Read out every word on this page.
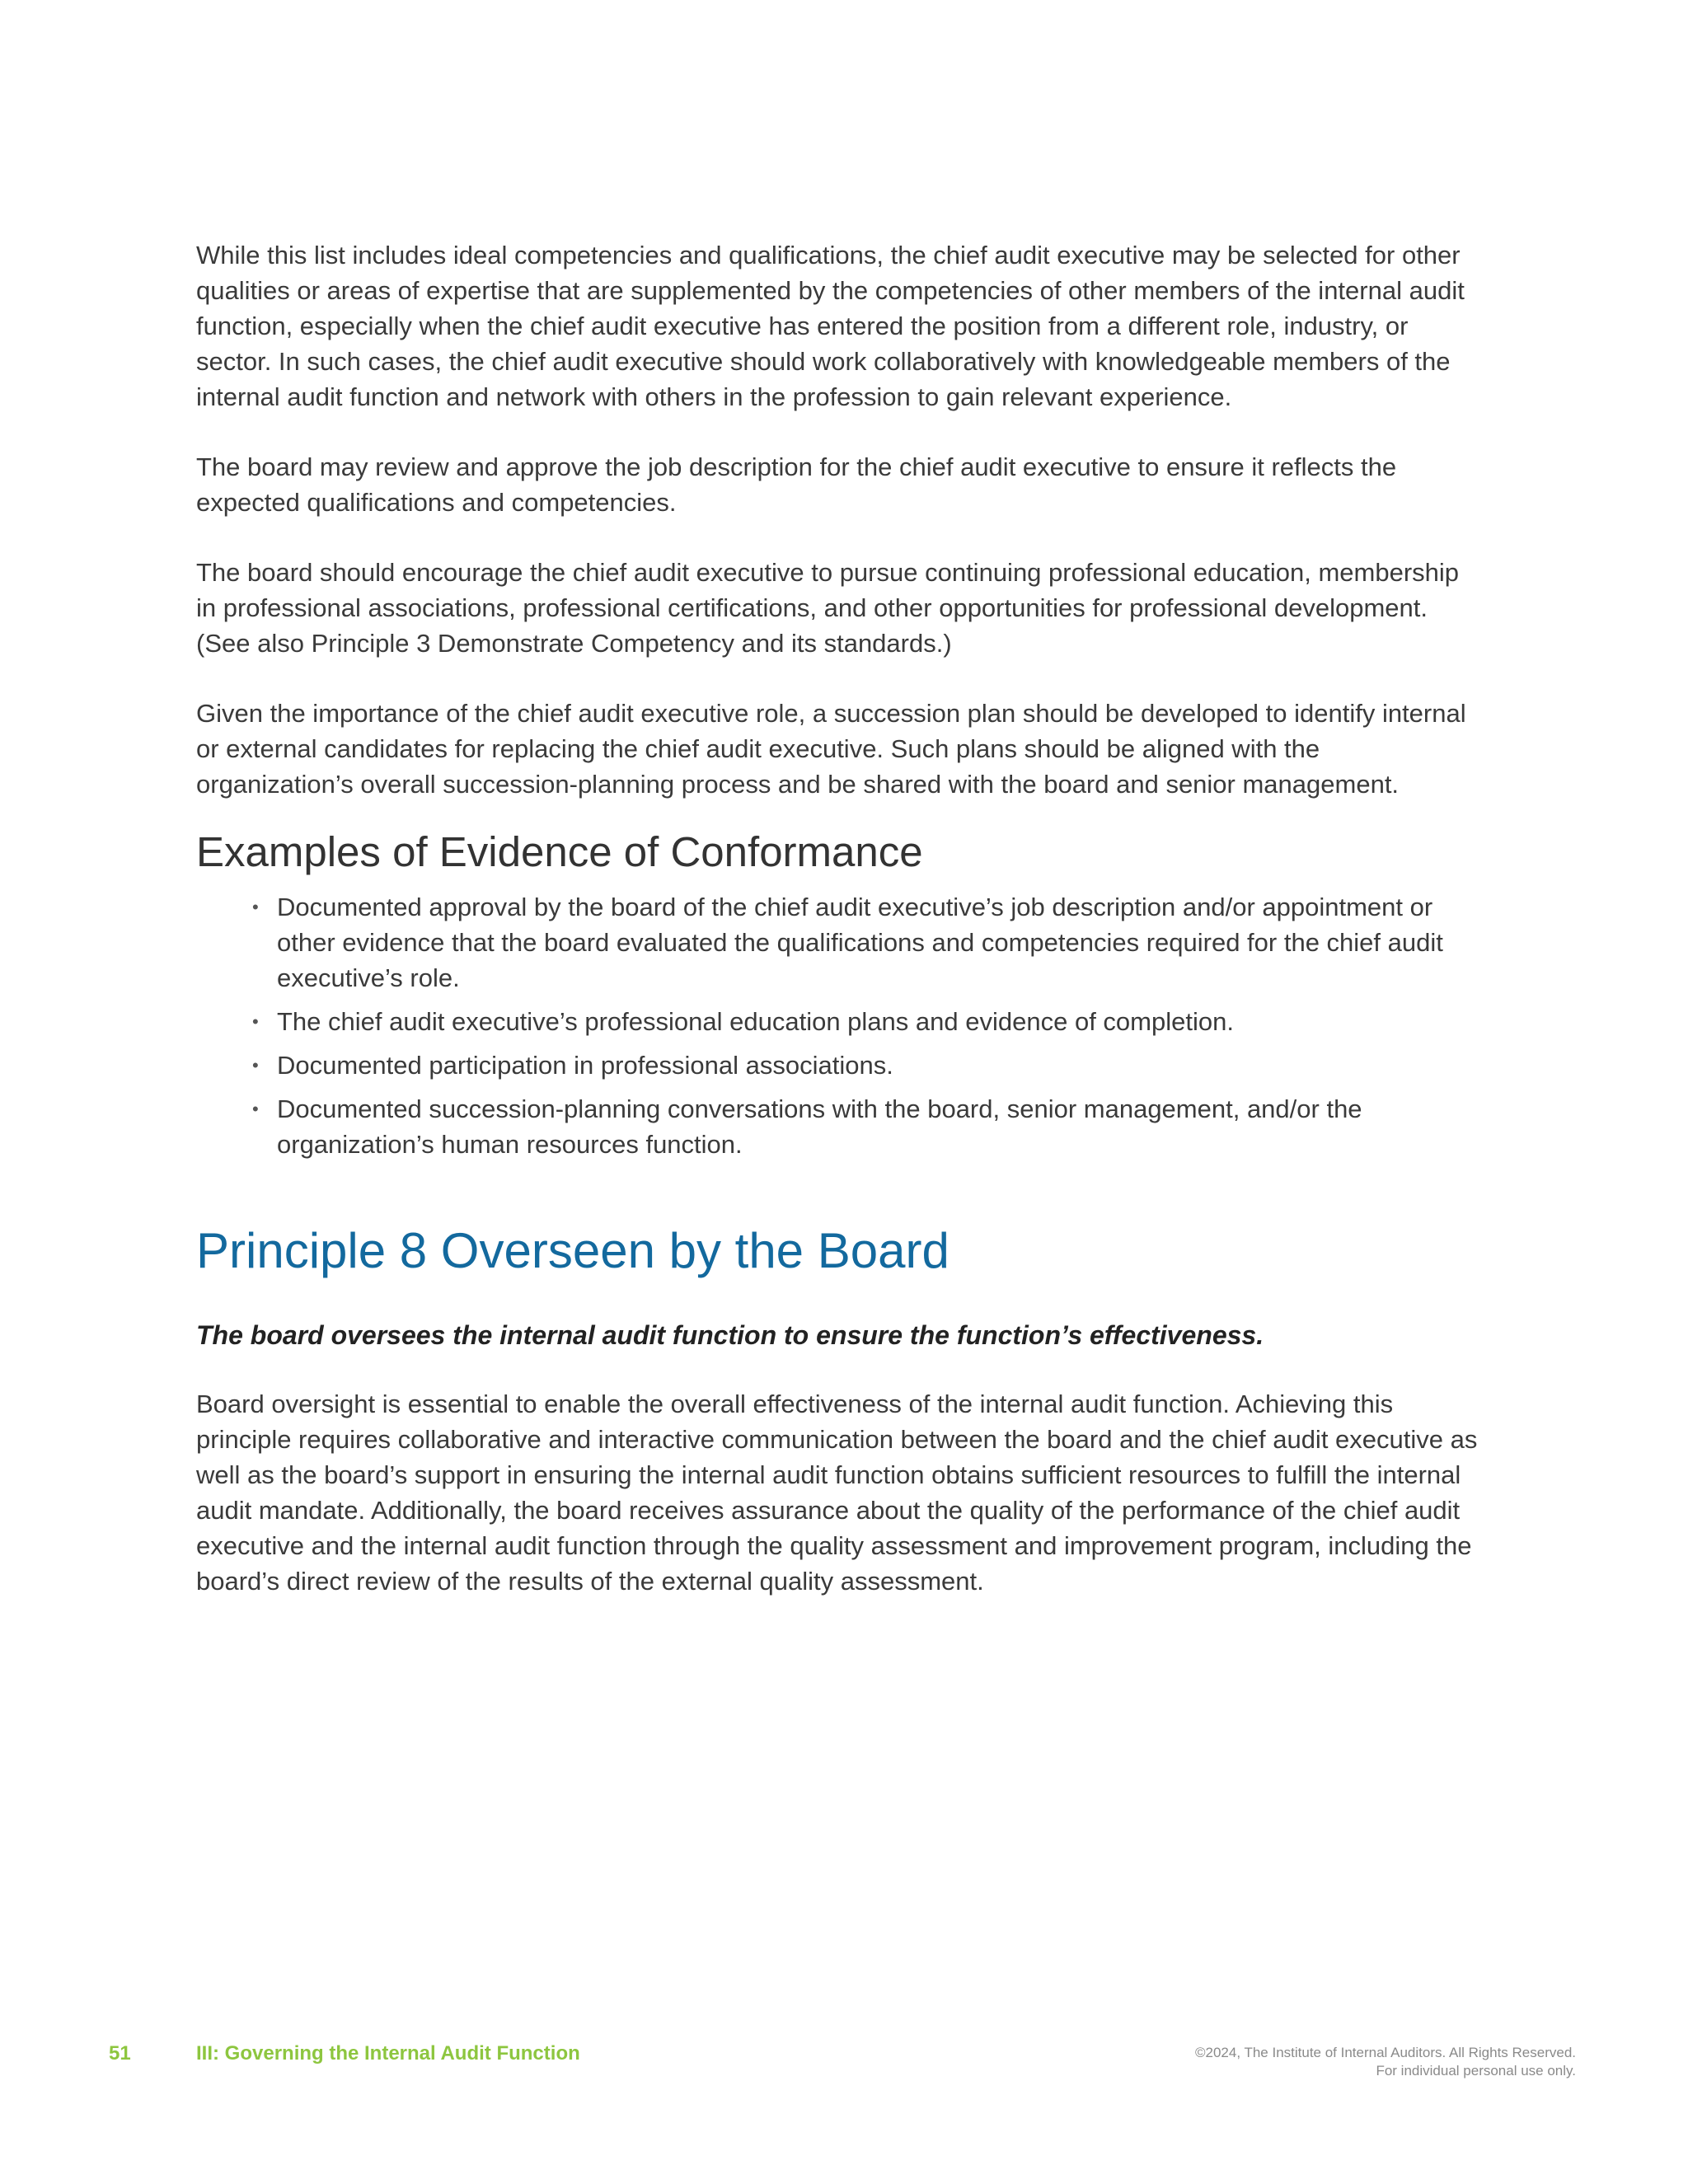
While this list includes ideal competencies and qualifications, the chief audit executive may be selected for other qualities or areas of expertise that are supplemented by the competencies of other members of the internal audit function, especially when the chief audit executive has entered the position from a different role, industry, or sector. In such cases, the chief audit executive should work collaboratively with knowledgeable members of the internal audit function and network with others in the profession to gain relevant experience.

The board may review and approve the job description for the chief audit executive to ensure it reflects the expected qualifications and competencies.

The board should encourage the chief audit executive to pursue continuing professional education, membership in professional associations, professional certifications, and other opportunities for professional development. (See also Principle 3 Demonstrate Competency and its standards.)

Given the importance of the chief audit executive role, a succession plan should be developed to identify internal or external candidates for replacing the chief audit executive. Such plans should be aligned with the organization’s overall succession-planning process and be shared with the board and senior management.

Examples of Evidence of Conformance
• Documented approval by the board of the chief audit executive’s job description and/or appointment or other evidence that the board evaluated the qualifications and competencies required for the chief audit executive’s role.
• The chief audit executive’s professional education plans and evidence of completion.
• Documented participation in professional associations.
• Documented succession-planning conversations with the board, senior management, and/or the organization’s human resources function.
Principle 8 Overseen by the Board

The board oversees the internal audit function to ensure the function’s effectiveness.

Board oversight is essential to enable the overall effectiveness of the internal audit function. Achieving this principle requires collaborative and interactive communication between the board and the chief audit executive as well as the board’s support in ensuring the internal audit function obtains sufficient resources to fulfill the internal audit mandate. Additionally, the board receives assurance about the quality of the performance of the chief audit executive and the internal audit function through the quality assessment and improvement program, including the board’s direct review of the results of the external quality assessment.

51	III: Governing the Internal Audit Function	©2024, The Institute of Internal Auditors. All Rights Reserved.
For individual personal use only.
